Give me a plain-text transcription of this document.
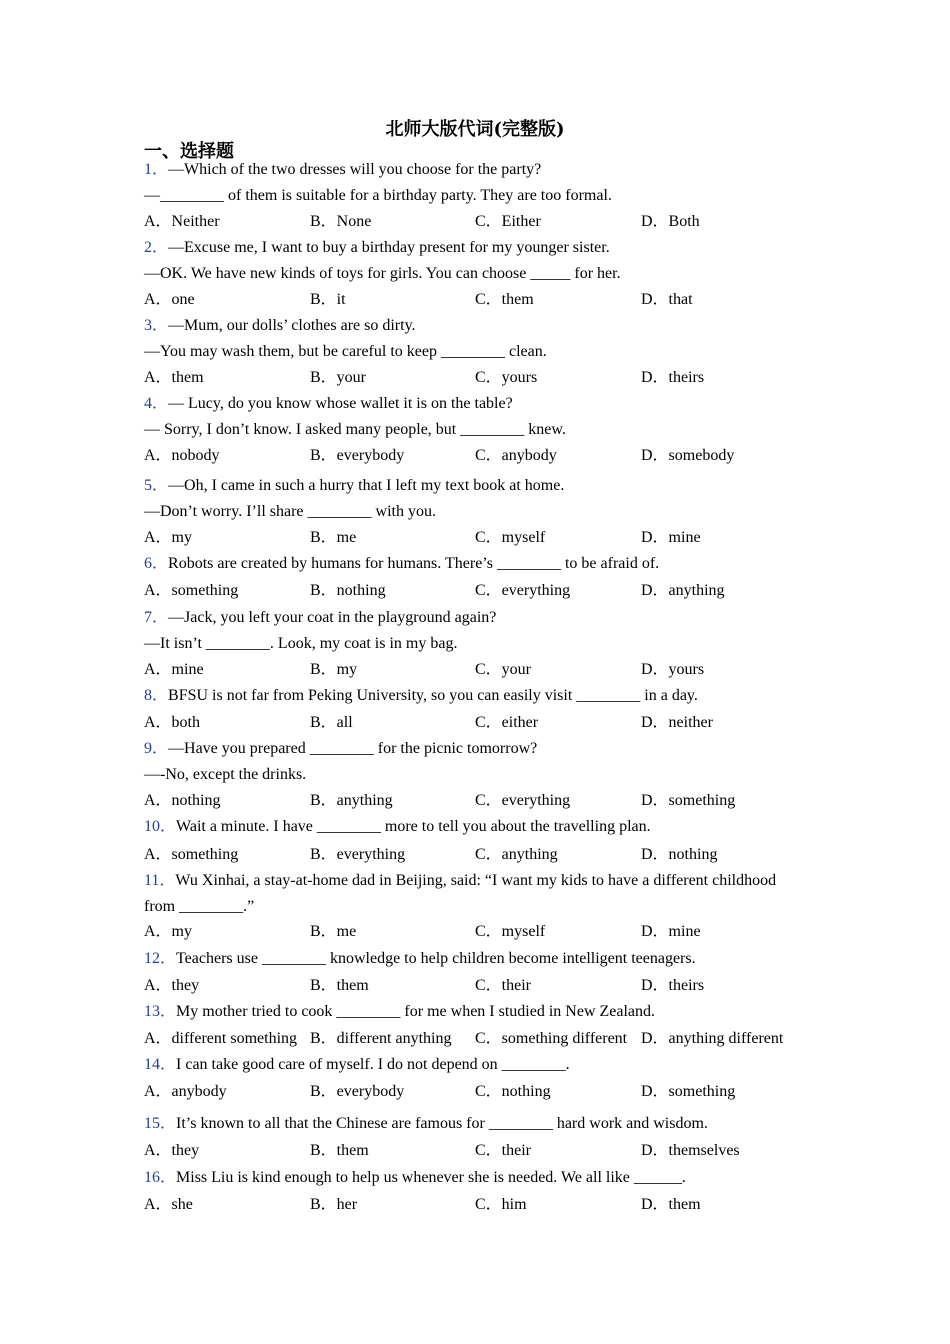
北师大版代词(完整版)
一、选择题
1．—Which of the two dresses will you choose for the party?
—________ of them is suitable for a birthday party. They are too formal.
A．Neither	B．None	C．Either	D．Both
2．—Excuse me, I want to buy a birthday present for my younger sister.
—OK. We have new kinds of toys for girls. You can choose _____ for her.
A．one	B．it	C．them	D．that
3．—Mum, our dolls’ clothes are so dirty.
—You may wash them, but be careful to keep ________ clean.
A．them	B．your	C．yours	D．theirs
4．— Lucy, do you know whose wallet it is on the table?
— Sorry, I don’t know. I asked many people, but ________ knew.
A．nobody	B．everybody	C．anybody	D．somebody
5．—Oh, I came in such a hurry that I left my text book at home.
—Don’t worry. I’ll share ________ with you.
A．my	B．me	C．myself	D．mine
6．Robots are created by humans for humans. There’s ________ to be afraid of.
A．something	B．nothing	C．everything	D．anything
7．—Jack, you left your coat in the playground again?
—It isn’t ________. Look, my coat is in my bag.
A．mine	B．my	C．your	D．yours
8．BFSU is not far from Peking University, so you can easily visit ________ in a day.
A．both	B．all	C．either	D．neither
9．—Have you prepared ________ for the picnic tomorrow?
—-No, except the drinks.
A．nothing	B．anything	C．everything	D．something
10．Wait a minute. I have ________ more to tell you about the travelling plan.
A．something	B．everything	C．anything	D．nothing
11．Wu Xinhai, a stay-at-home dad in Beijing, said: “I want my kids to have a different childhood
from ________.”
A．my	B．me	C．myself	D．mine
12．Teachers use ________ knowledge to help children become intelligent teenagers.
A．they	B．them	C．their	D．theirs
13．My mother tried to cook ________ for me when I studied in New Zealand.
A．different something B．different anything C．something different D．anything different
14．I can take good care of myself. I do not depend on ________.
A．anybody	B．everybody	C．nothing	D．something
15．It’s known to all that the Chinese are famous for ________ hard work and wisdom.
A．they	B．them	C．their	D．themselves
16．Miss Liu is kind enough to help us whenever she is needed. We all like ______.
A．she	B．her	C．him	D．them
